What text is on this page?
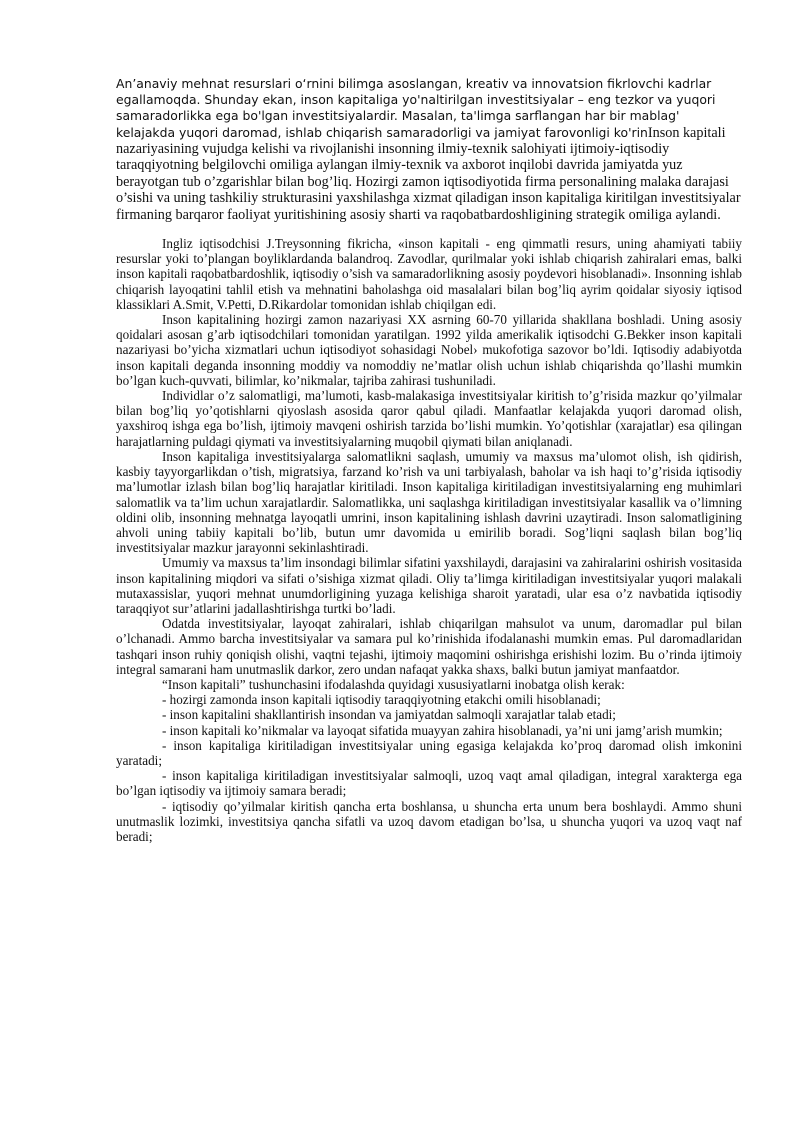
An’anaviy mehnat resurslari o‘rnini bilimga asoslangan, kreativ va innovatsion fikrlovchi kadrlar egallamoqda. Shunday ekan, inson kapitaliga yo'naltirilgan investitsiyalar – eng tezkor va yuqori samaradorlikka ega bo'lgan investitsiyalardir. Masalan, ta'limga sarflangan har bir mablag' kelajakda yuqori daromad, ishlab chiqarish samaradorligi va jamiyat farovonligi ko'rinInson kapitali nazariyasining vujudga kelishi va rivojlanishi insonning ilmiy-texnik salohiyati ijtimoiy-iqtisodiy taraqqiyotning belgilovchi omiliga aylangan ilmiy-texnik va axborot inqilobi davrida jamiyatda yuz berayotgan tub o’zgarishlar bilan bog’liq. Hozirgi zamon iqtisodiyotida firma personalining malaka darajasi o’sishi va uning tashkiliy strukturasini yaxshilashga xizmat qiladigan inson kapitaliga kiritilgan investitsiyalar firmaning barqaror faoliyat yuritishining asosiy sharti va raqobatbardoshligining strategik omiliga aylandi.

Ingliz iqtisodchisi J.Treysonning fikricha, «inson kapitali - eng qimmatli resurs, uning ahamiyati tabiiy resurslar yoki to’plangan boyliklardanda balandroq. Zavodlar, qurilmalar yoki ishlab chiqarish zahiralari emas, balki inson kapitali raqobatbardoshlik, iqtisodiy o’sish va samaradorlikning asosiy poydevori hisoblanadi». Insonning ishlab chiqarish layoqatini tahlil etish va mehnatini baholashga oid masalalari bilan bog’liq ayrim qoidalar siyosiy iqtisod klassiklari A.Smit, V.Petti, D.Rikardolar tomonidan ishlab chiqilgan edi.

Inson kapitalining hozirgi zamon nazariyasi XX asrning 60-70 yillarida shakllana boshladi. Uning asosiy qoidalari asosan g’arb iqtisodchilari tomonidan yaratilgan. 1992 yilda amerikalik iqtisodchi G.Bekker inson kapitali nazariyasi bo’yicha xizmatlari uchun iqtisodiyot sohasidagi Nobel› mukofotiga sazovor bo’ldi. Iqtisodiy adabiyotda inson kapitali deganda insonning moddiy va nomoddiy ne’matlar olish uchun ishlab chiqarishda qo’llashi mumkin bo’lgan kuch-quvvati, bilimlar, ko’nikmalar, tajriba zahirasi tushuniladi.

Individlar o’z salomatligi, ma’lumoti, kasb-malakasiga investitsiyalar kiritish to’g’risida mazkur qo’yilmalar bilan bog’liq yo’qotishlarni qiyoslash asosida qaror qabul qiladi. Manfaatlar kelajakda yuqori daromad olish, yaxshiroq ishga ega bo’lish, ijtimoiy mavqeni oshirish tarzida bo’lishi mumkin. Yo’qotishlar (xarajatlar) esa qilingan harajatlarning puldagi qiymati va investitsiyalarning muqobil qiymati bilan aniqlanadi.

Inson kapitaliga investitsiyalarga salomatlikni saqlash, umumiy va maxsus ma’ulomot olish, ish qidirish, kasbiy tayyorgarlikdan o’tish, migratsiya, farzand ko’rish va uni tarbiyalash, baholar va ish haqi to’g’risida iqtisodiy ma’lumotlar izlash bilan bog’liq harajatlar kiritiladi. Inson kapitaliga kiritiladigan investitsiyalarning eng muhimlari salomatlik va ta’lim uchun xarajatlardir. Salomatlikka, uni saqlashga kiritiladigan investitsiyalar kasallik va o’limning oldini olib, insonning mehnatga layoqatli umrini, inson kapitalining ishlash davrini uzaytiradi. Inson salomatligining ahvoli uning tabiiy kapitali bo’lib, butun umr davomida u emirilib boradi. Sog’liqni saqlash bilan bog’liq investitsiyalar mazkur jarayonni sekinlashtiradi.

Umumiy va maxsus ta’lim insondagi bilimlar sifatini yaxshilaydi, darajasini va zahiralarini oshirish vositasida inson kapitalining miqdori va sifati o’sishiga xizmat qiladi. Oliy ta’limga kiritiladigan investitsiyalar yuqori malakali mutaxassislar, yuqori mehnat unumdorligining yuzaga kelishiga sharoit yaratadi, ular esa o’z navbatida iqtisodiy taraqqiyot sur’atlarini jadallashtirishga turtki bo’ladi.

Odatda investitsiyalar, layoqat zahiralari, ishlab chiqarilgan mahsulot va unum, daromadlar pul bilan o’lchanadi. Ammo barcha investitsiyalar va samara pul ko’rinishida ifodalanashi mumkin emas. Pul daromadlaridan tashqari inson ruhiy qoniqish olishi, vaqtni tejashi, ijtimoiy maqomini oshirishga erishishi lozim. Bu o’rinda ijtimoiy integral samarani ham unutmaslik darkor, zero undan nafaqat yakka shaxs, balki butun jamiyat manfaatdor.

“Inson kapitali” tushunchasini ifodalashda quyidagi xususiyatlarni inobatga olish kerak:

- hozirgi zamonda inson kapitali iqtisodiy taraqqiyotning etakchi omili hisoblanadi;

- inson kapitalini shakllantirish insondan va jamiyatdan salmoqli xarajatlar talab etadi;

- inson kapitali ko’nikmalar va layoqat sifatida muayyan zahira hisoblanadi, ya’ni uni jamg’arish mumkin;

- inson kapitaliga kiritiladigan investitsiyalar uning egasiga kelajakda ko’proq daromad olish imkonini yaratadi;

- inson kapitaliga kiritiladigan investitsiyalar salmoqli, uzoq vaqt amal qiladigan, integral xarakterga ega bo’lgan iqtisodiy va ijtimoiy samara beradi;

- iqtisodiy qo’yilmalar kiritish qancha erta boshlansa, u shuncha erta unum bera boshlaydi. Ammo shuni unutmaslik lozimki, investitsiya qancha sifatli va uzoq davom etadigan bo’lsa, u shuncha yuqori va uzoq vaqt naf beradi;
